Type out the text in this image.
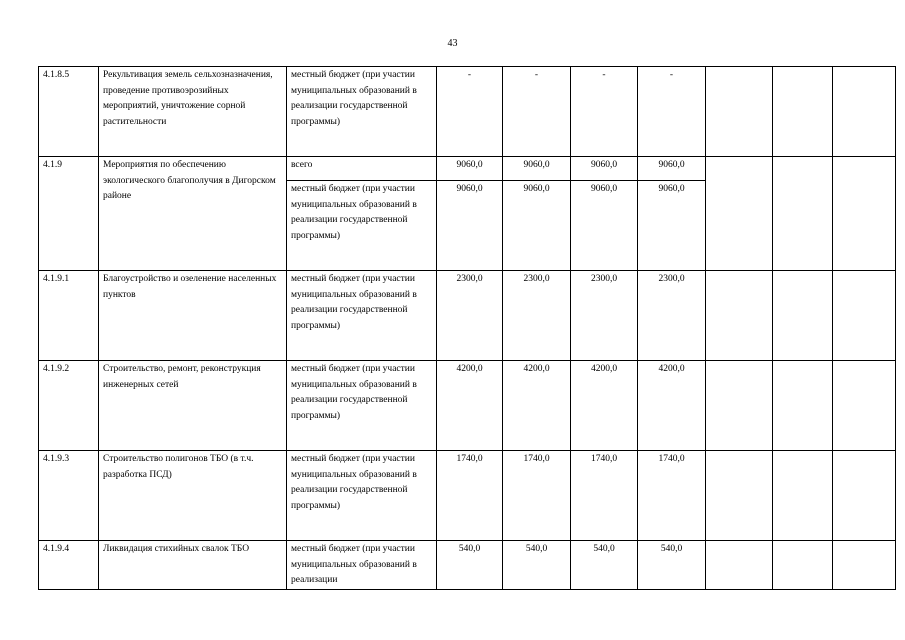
43
4.1.8.5	Рекультивация земель сельхозназначения, проведение противоэрозийных мероприятий, уничтожение сорной растительности	местный бюджет (при участии муниципальных образований в реализации государственной программы)	-	-	-	-			
4.1.9	Мероприятия по обеспечению экологического благополучия в Дигорском районе	всего	9060,0	9060,0	9060,0	9060,0			
		местный бюджет (при участии муниципальных образований в реализации государственной программы)	9060,0	9060,0	9060,0	9060,0			
4.1.9.1	Благоустройство и озеленение населенных пунктов	местный бюджет (при участии муниципальных образований в реализации государственной программы)	2300,0	2300,0	2300,0	2300,0			
4.1.9.2	Строительство, ремонт, реконструкция инженерных сетей	местный бюджет (при участии муниципальных образований в реализации государственной программы)	4200,0	4200,0	4200,0	4200,0			
4.1.9.3	Строительство полигонов ТБО (в т.ч. разработка ПСД)	местный бюджет (при участии муниципальных образований в реализации государственной программы)	1740,0	1740,0	1740,0	1740,0			
4.1.9.4	Ликвидация стихийных свалок ТБО	местный бюджет (при участии муниципальных образований в реализации	540,0	540,0	540,0	540,0			
